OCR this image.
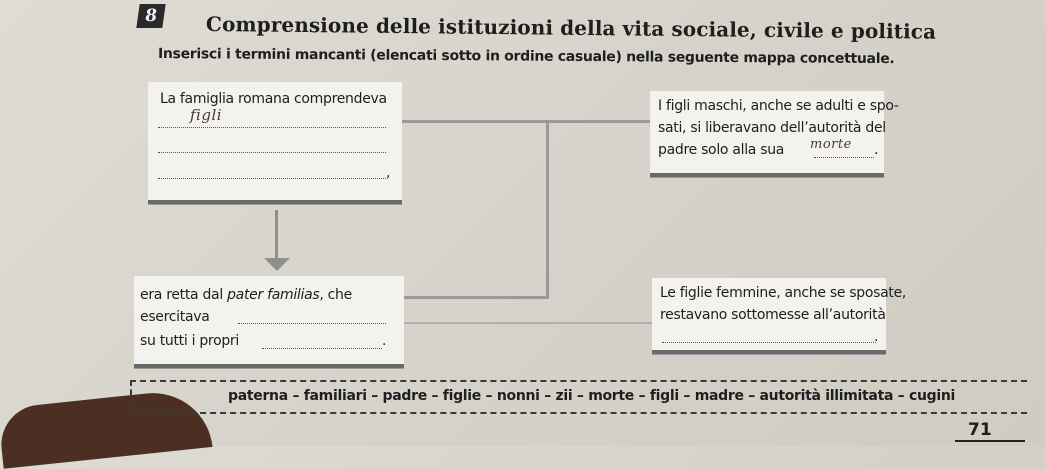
8 Comprensione delle istituzioni della vita sociale, civile e politica
Inserisci i termini mancanti (elencati sotto in ordine casuale) nella seguente mappa concettuale.
La famiglia romana comprendeva
figli
,
I figli maschi, anche se adulti e spo-
sati, si liberavano dell’autorità del
padre solo alla sua morte .
era retta dal pater familias, che
esercitava
su tutti i propri	.
Le figlie femmine, anche se sposate,
restavano sottomesse all’autorità
.
paterna – familiari – padre – figlie – nonni – zii – morte – figli – madre – autorità illimitata – cugini
71
